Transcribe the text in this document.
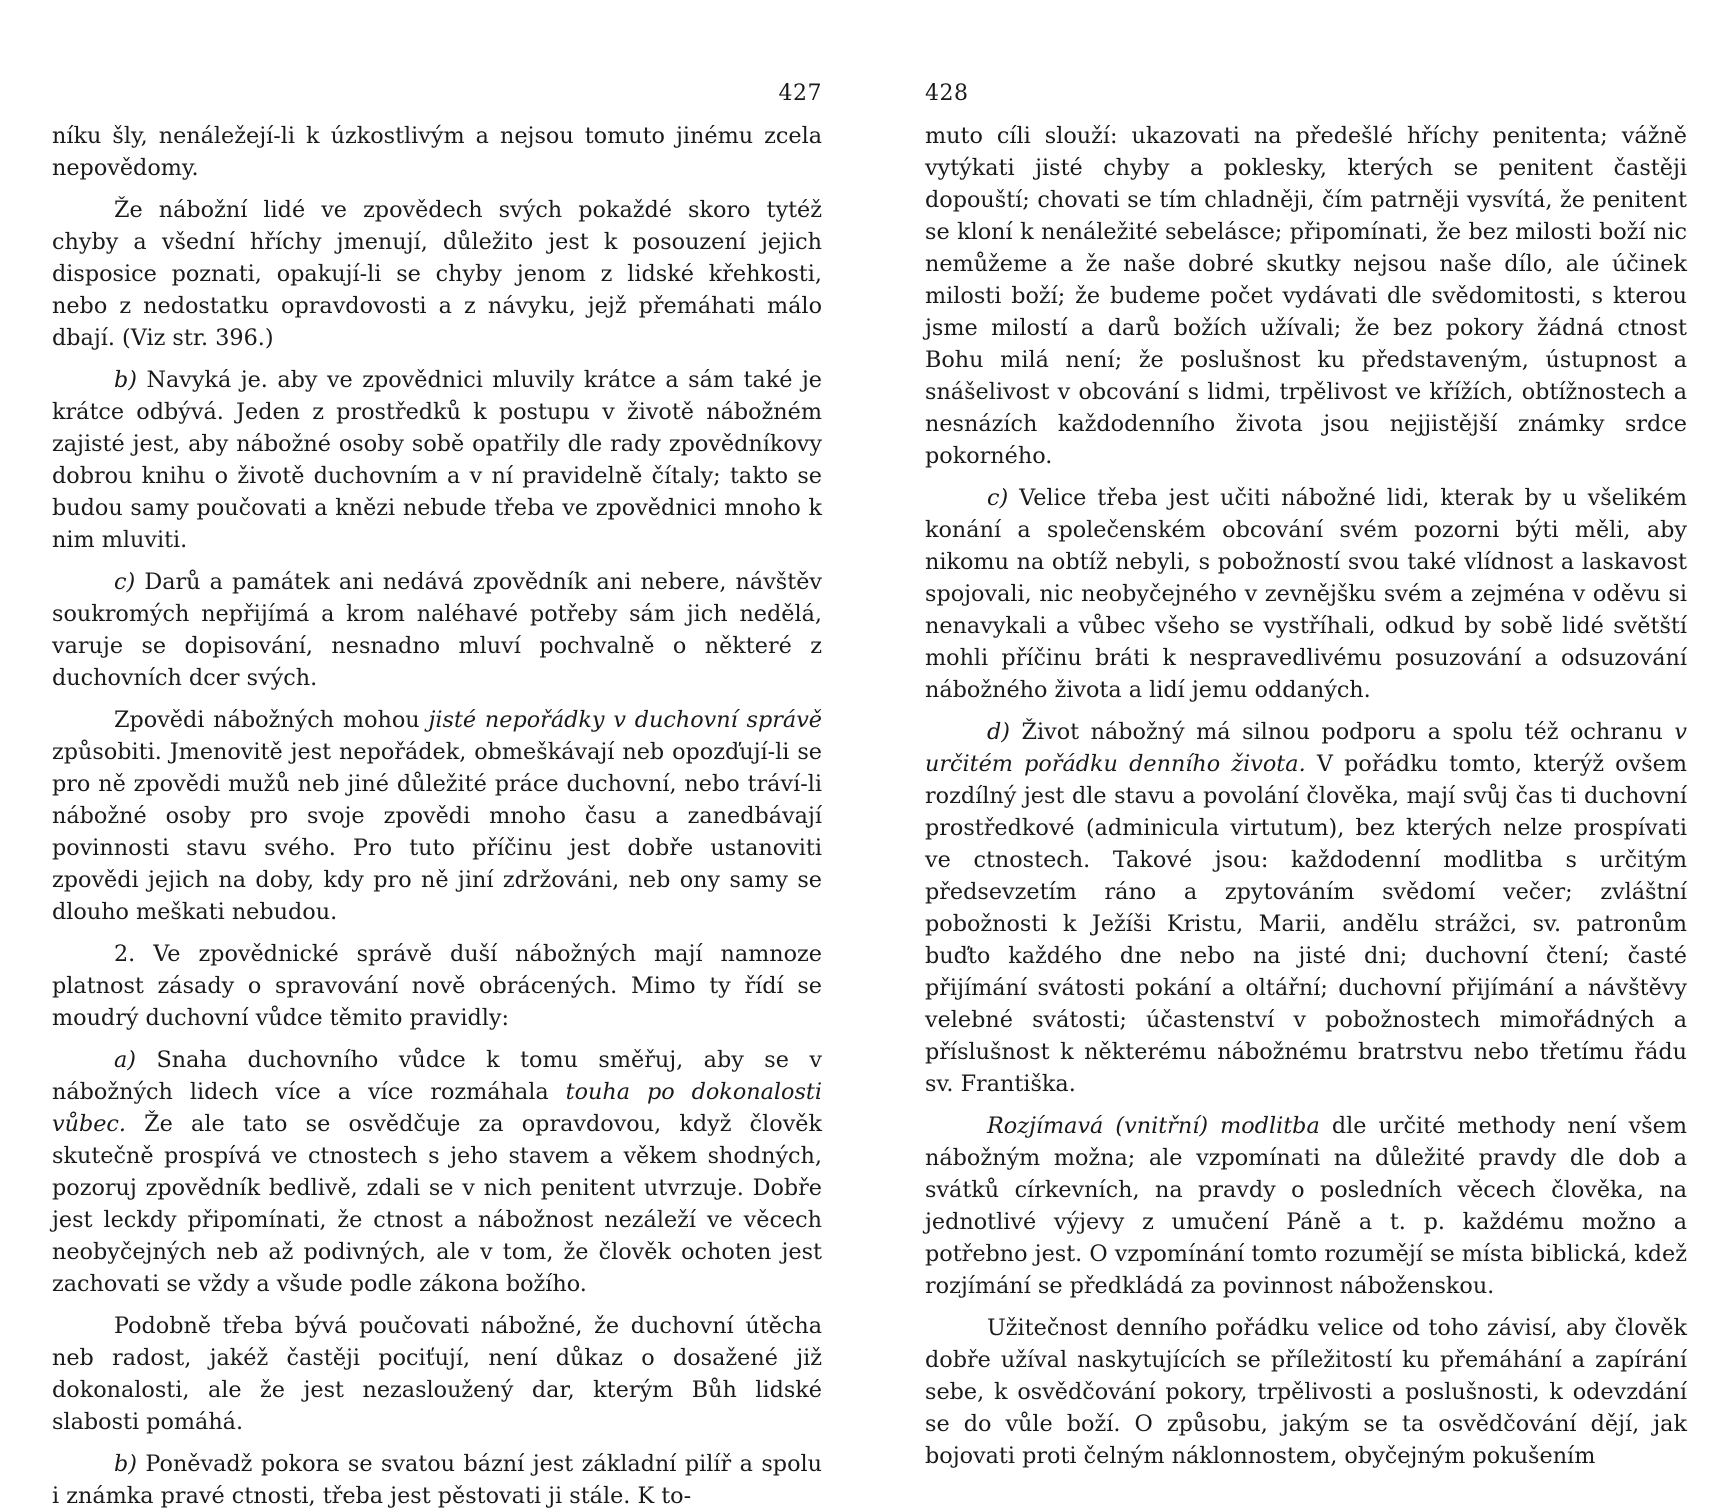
427

níku šly, nenáležejí-li k úzkostlivým a nejsou tomuto jinému zcela nepovědomy.

Že nábožní lidé ve zpovědech svých pokaždé skoro tytéž chyby a všední hříchy jmenují, důležito jest k posouzení jejich disposice poznati, opakují-li se chyby jenom z lidské křehkosti, nebo z nedostatku opravdovosti a z návyku, jejž přemáhati málo dbají. (Viz str. 396.)

b) Navyká je. aby ve zpovědnici mluvily krátce a sám také je krátce odbývá. Jeden z prostředků k postupu v životě nábožném zajisté jest, aby nábožné osoby sobě opatřily dle rady zpovědníkovy dobrou knihu o životě duchovním a v ní pravidelně čítaly; takto se budou samy poučovati a knězi nebude třeba ve zpovědnici mnoho k nim mluviti.

c) Darů a památek ani nedává zpovědník ani nebere, návštěv soukromých nepřijímá a krom naléhavé potřeby sám jich nedělá, varuje se dopisování, nesnadno mluví pochvalně o některé z duchovních dcer svých.

Zpovědi nábožných mohou jisté nepořádky v duchovní správě způsobiti. Jmenovitě jest nepořádek, obmeškávají neb opozďují-li se pro ně zpovědi mužů neb jiné důležité práce duchovní, nebo tráví-li nábožné osoby pro svoje zpovědi mnoho času a zanedbávají povinnosti stavu svého. Pro tuto příčinu jest dobře ustanoviti zpovědi jejich na doby, kdy pro ně jiní zdržováni, neb ony samy se dlouho meškati nebudou.

2. Ve zpovědnické správě duší nábožných mají namnoze platnost zásady o spravování nově obrácených. Mimo ty řídí se moudrý duchovní vůdce těmito pravidly:

a) Snaha duchovního vůdce k tomu směřuj, aby se v nábožných lidech více a více rozmáhala touha po dokonalosti vůbec. Že ale tato se osvědčuje za opravdovou, když člověk skutečně prospívá ve ctnostech s jeho stavem a věkem shodných, pozoruj zpovědník bedlivě, zdali se v nich penitent utvrzuje. Dobře jest leckdy připomínati, že ctnost a nábožnost nezáleží ve věcech neobyčejných neb až podivných, ale v tom, že člověk ochoten jest zachovati se vždy a všude podle zákona božího.

Podobně třeba bývá poučovati nábožné, že duchovní útěcha neb radost, jakéž častěji pociťují, není důkaz o dosažené již dokonalosti, ale že jest nezasloužený dar, kterým Bůh lidské slabosti pomáhá.

b) Poněvadž pokora se svatou bázní jest základní pilíř a spolu i známka pravé ctnosti, třeba jest pěstovati ji stále. K to-

428

muto cíli slouží: ukazovati na předešlé hříchy penitenta; vážně vytýkati jisté chyby a poklesky, kterých se penitent častěji dopouští; chovati se tím chladněji, čím patrněji vysvítá, že penitent se kloní k nenáležité sebelásce; připomínati, že bez milosti boží nic nemůžeme a že naše dobré skutky nejsou naše dílo, ale účinek milosti boží; že budeme počet vydávati dle svědomitosti, s kterou jsme milostí a darů božích užívali; že bez pokory žádná ctnost Bohu milá není; že poslušnost ku představeným, ústupnost a snášelivost v obcování s lidmi, trpělivost ve křížích, obtížnostech a nesnázích každodenního života jsou nejjistější známky srdce pokorného.

c) Velice třeba jest učiti nábožné lidi, kterak by u všelikém konání a společenském obcování svém pozorni býti měli, aby nikomu na obtíž nebyli, s pobožností svou také vlídnost a laskavost spojovali, nic neobyčejného v zevnějšku svém a zejména v oděvu si nenavykali a vůbec všeho se vystříhali, odkud by sobě lidé světští mohli příčinu bráti k nespravedlivému posuzování a odsuzování nábožného života a lidí jemu oddaných.

d) Život nábožný má silnou podporu a spolu též ochranu v určitém pořádku denního života. V pořádku tomto, kterýž ovšem rozdílný jest dle stavu a povolání člověka, mají svůj čas ti duchovní prostředkové (adminicula virtutum), bez kterých nelze prospívati ve ctnostech. Takové jsou: každodenní modlitba s určitým předsevzetím ráno a zpytováním svědomí večer; zvláštní pobožnosti k Ježíši Kristu, Marii, andělu strážci, sv. patronům buďto každého dne nebo na jisté dni; duchovní čtení; časté přijímání svátosti pokání a oltářní; duchovní přijímání a návštěvy velebné svátosti; účastenství v pobožnostech mimořádných a příslušnost k některému nábožnému bratrstvu nebo třetímu řádu sv. Františka.

Rozjímavá (vnitřní) modlitba dle určité methody není všem nábožným možna; ale vzpomínati na důležité pravdy dle dob a svátků církevních, na pravdy o posledních věcech člověka, na jednotlivé výjevy z umučení Páně a t. p. každému možno a potřebno jest. O vzpomínání tomto rozumějí se místa biblická, kdež rozjímání se předkládá za povinnost náboženskou.

Užitečnost denního pořádku velice od toho závisí, aby člověk dobře užíval naskytujících se příležitostí ku přemáhání a zapírání sebe, k osvědčování pokory, trpělivosti a poslušnosti, k odevzdání se do vůle boží. O způsobu, jakým se ta osvědčování dějí, jak bojovati proti čelným náklonnostem, obyčejným pokušením
